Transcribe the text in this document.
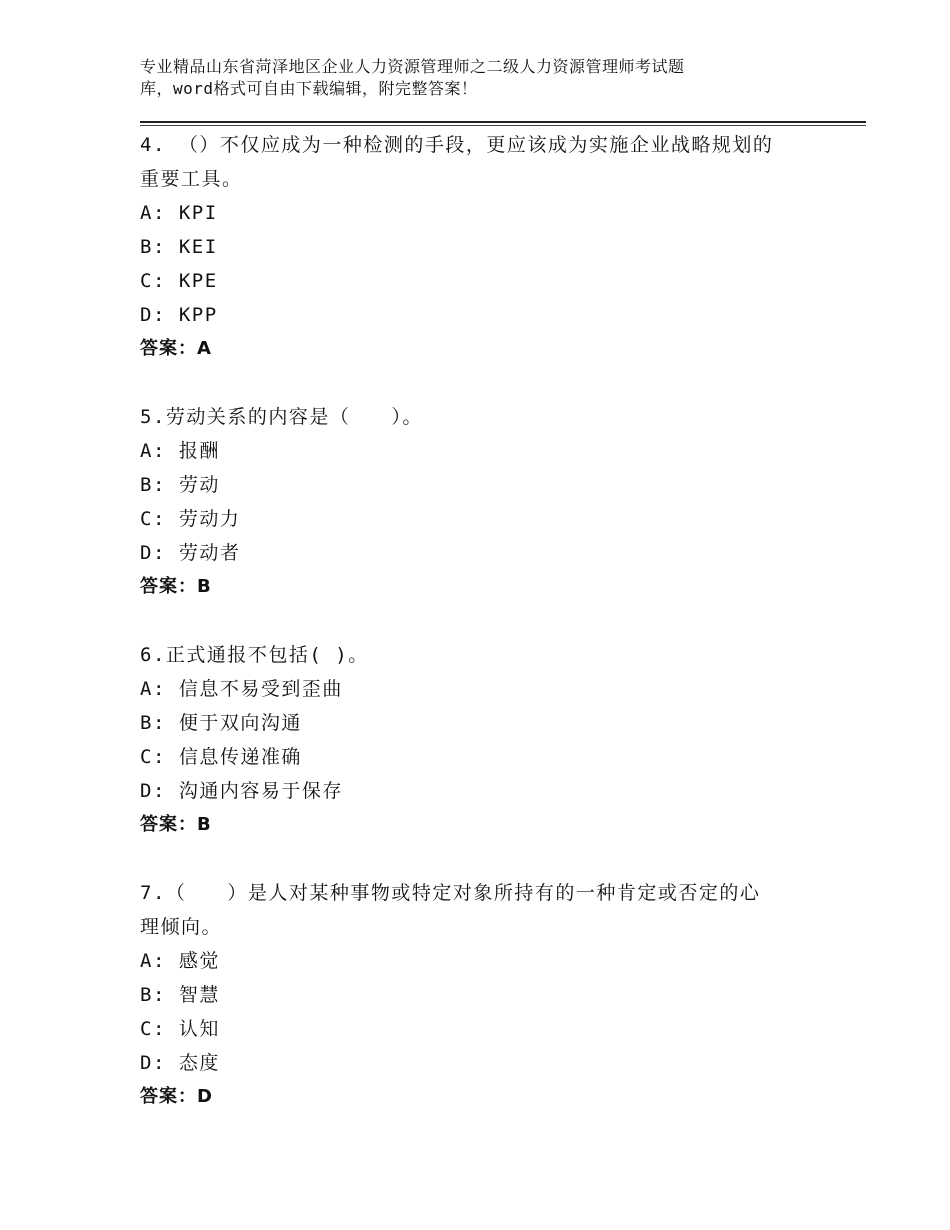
专业精品山东省菏泽地区企业人力资源管理师之二级人力资源管理师考试题
库，word格式可自由下载编辑，附完整答案！
4. （）不仅应成为一种检测的手段，更应该成为实施企业战略规划的
重要工具。
A: KPI
B: KEI
C: KPE
D: KPP
答案：A
5.劳动关系的内容是（　　）。
A: 报酬
B: 劳动
C: 劳动力
D: 劳动者
答案：B
6.正式通报不包括( )。
A: 信息不易受到歪曲
B: 便于双向沟通
C: 信息传递准确
D: 沟通内容易于保存
答案：B
7.（　　）是人对某种事物或特定对象所持有的一种肯定或否定的心
理倾向。
A: 感觉
B: 智慧
C: 认知
D: 态度
答案：D
